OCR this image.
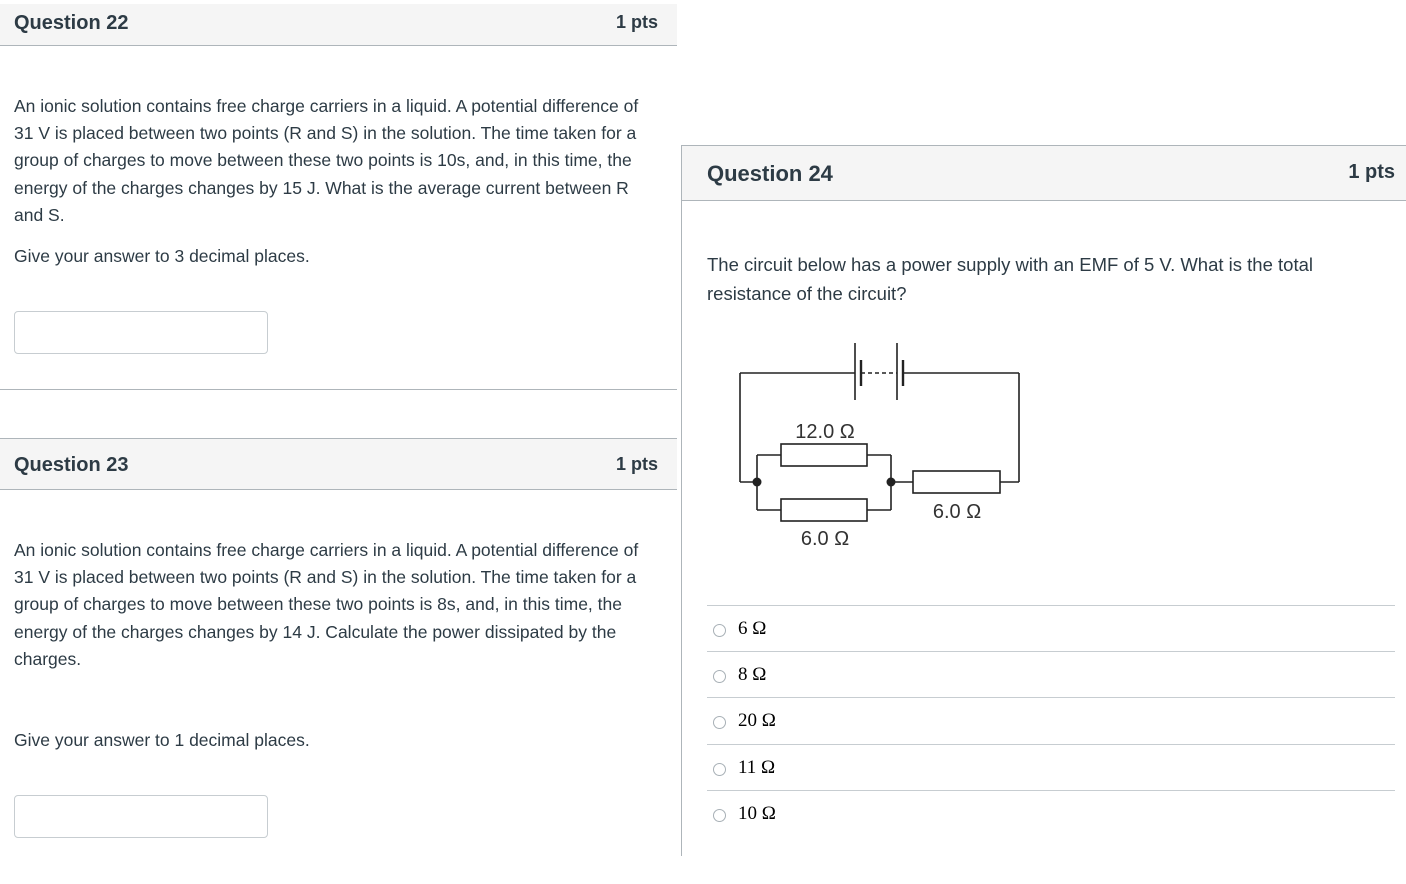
Question 22	1 pts
An ionic solution contains free charge carriers in a liquid. A potential difference of
31 V is placed between two points (R and S) in the solution. The time taken for a
group of charges to move between these two points is 10s, and, in this time, the
energy of the charges changes by 15 J. What is the average current between R
and S.
Give your answer to 3 decimal places.
Question 23	1 pts
An ionic solution contains free charge carriers in a liquid. A potential difference of
31 V is placed between two points (R and S) in the solution. The time taken for a
group of charges to move between these two points is 8s, and, in this time, the
energy of the charges changes by 14 J. Calculate the power dissipated by the
charges.
Give your answer to 1 decimal places.
Question 24	1 pts
The circuit below has a power supply with an EMF of 5 V. What is the total
resistance of the circuit?
12.0 Ω
6.0 Ω
6.0 Ω
6 Ω
8 Ω
20 Ω
11 Ω
10 Ω
